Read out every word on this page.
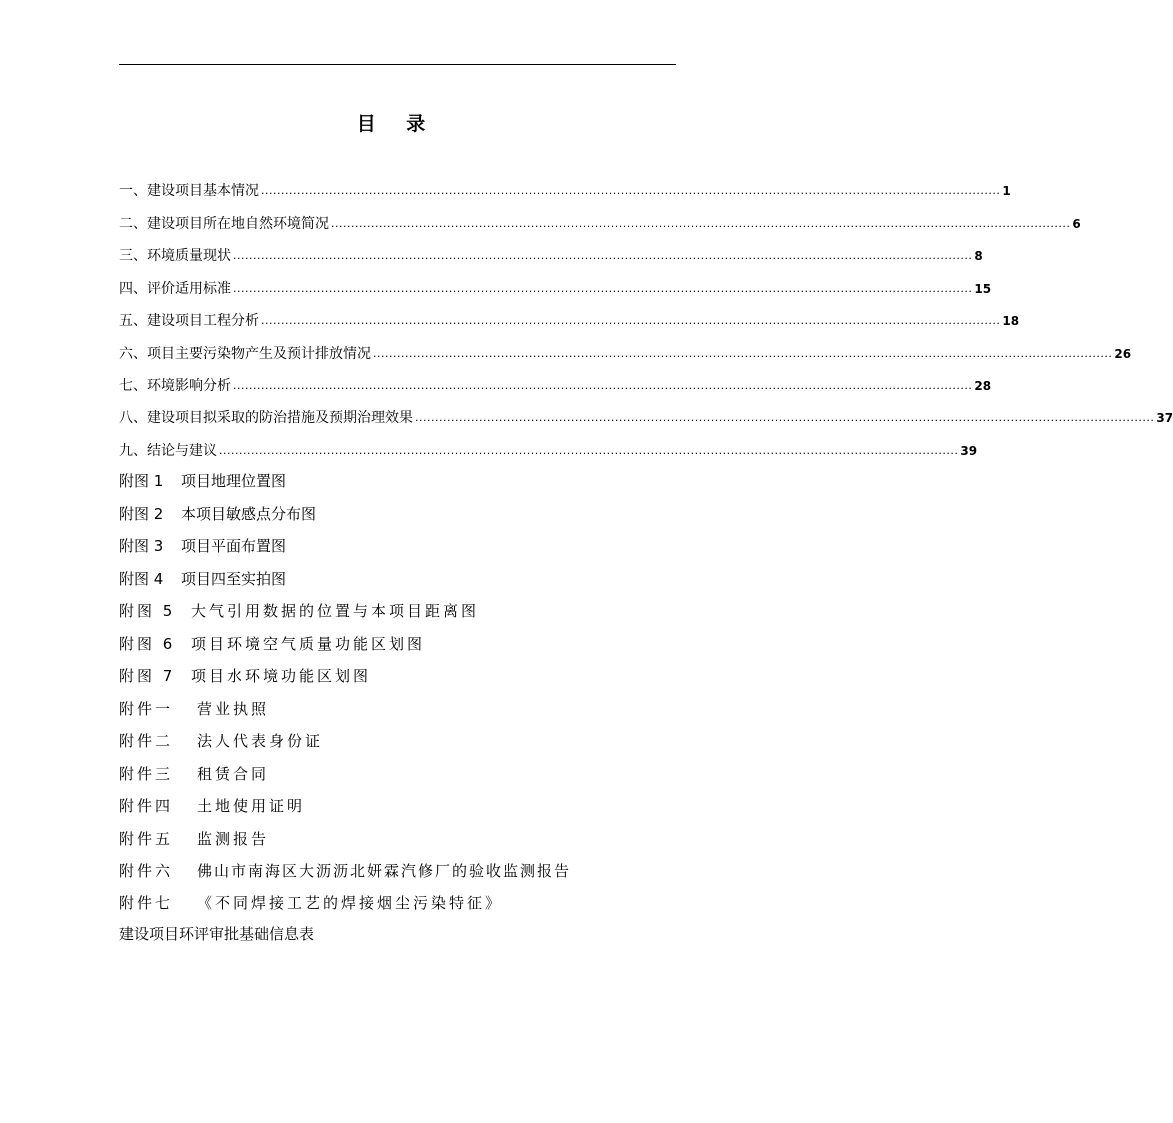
目 录
一、建设项目基本情况 ......................................................................................................................................................................................... 1
二、建设项目所在地自然环境简况 ......................................................................................................................................................................................... 6
三、环境质量现状 ......................................................................................................................................................................................... 8
四、评价适用标准 ......................................................................................................................................................................................... 15
五、建设项目工程分析 ......................................................................................................................................................................................... 18
六、项目主要污染物产生及预计排放情况 ......................................................................................................................................................................................... 26
七、环境影响分析 ......................................................................................................................................................................................... 28
八、建设项目拟采取的防治措施及预期治理效果 ......................................................................................................................................................................................... 37
九、结论与建议 ......................................................................................................................................................................................... 39
附图 1	项目地理位置图
附图 2	本项目敏感点分布图
附图 3	项目平面布置图
附图 4	项目四至实拍图
附图 5	大气引用数据的位置与本项目距离图
附图 6	项目环境空气质量功能区划图
附图 7	项目水环境功能区划图
附件一	营业执照
附件二	法人代表身份证
附件三	租赁合同
附件四	土地使用证明
附件五	监测报告
附件六	佛山市南海区大沥沥北妍霖汽修厂的验收监测报告
附件七	《不同焊接工艺的焊接烟尘污染特征》
建设项目环评审批基础信息表
